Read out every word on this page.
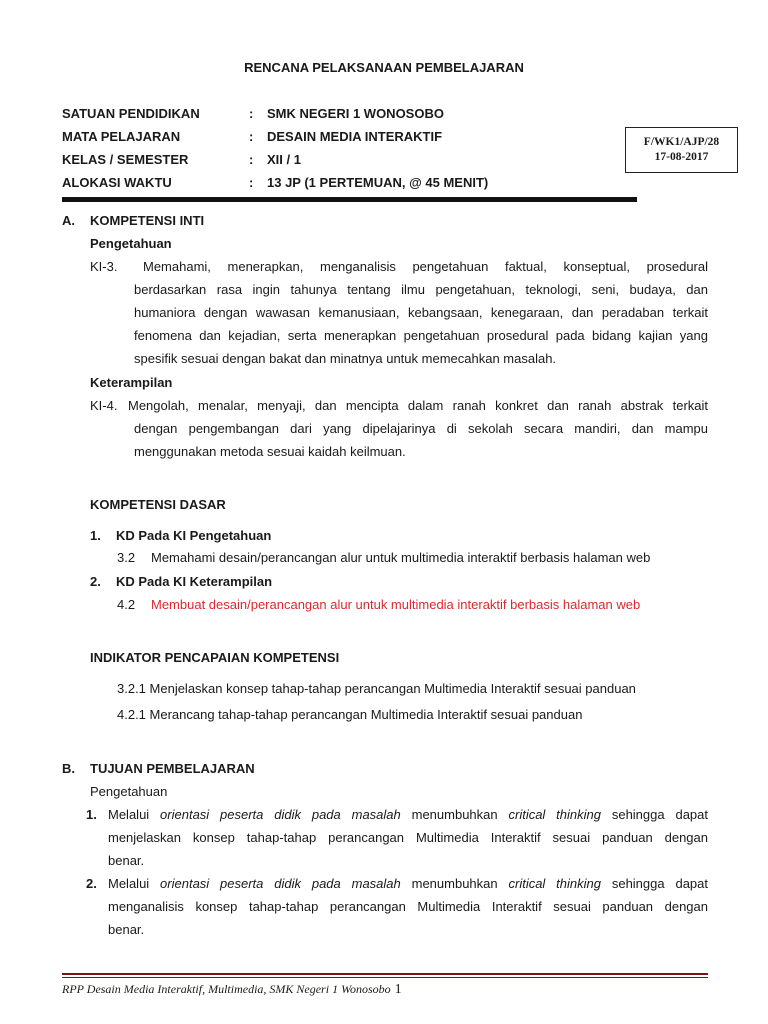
RENCANA PELAKSANAAN PEMBELAJARAN
SATUAN PENDIDIKAN	: SMK NEGERI 1 WONOSOBO
MATA PELAJARAN	: DESAIN MEDIA INTERAKTIF
KELAS / SEMESTER	: XII / 1
ALOKASI WAKTU	: 13 JP (1 PERTEMUAN, @ 45 MENIT)
F/WK1/AJP/28
17-08-2017
A. KOMPETENSI INTI
Pengetahuan
KI-3. Memahami, menerapkan, menganalisis pengetahuan faktual, konseptual, prosedural
berdasarkan rasa ingin tahunya tentang ilmu pengetahuan, teknologi, seni, budaya, dan
humaniora dengan wawasan kemanusiaan, kebangsaan, kenegaraan, dan peradaban terkait
fenomena dan kejadian, serta menerapkan pengetahuan prosedural pada bidang kajian yang
spesifik sesuai dengan bakat dan minatnya untuk memecahkan masalah.
Keterampilan
KI-4. Mengolah, menalar, menyaji, dan mencipta dalam ranah konkret dan ranah abstrak terkait
dengan pengembangan dari yang dipelajarinya di sekolah secara mandiri, dan mampu
menggunakan metoda sesuai kaidah keilmuan.
KOMPETENSI DASAR
1. KD Pada KI Pengetahuan
3.2 Memahami desain/perancangan alur untuk multimedia interaktif berbasis halaman web
2. KD Pada KI Keterampilan
4.2 Membuat desain/perancangan alur untuk multimedia interaktif berbasis halaman web
INDIKATOR PENCAPAIAN KOMPETENSI
3.2.1 Menjelaskan konsep tahap-tahap perancangan Multimedia Interaktif sesuai panduan
4.2.1 Merancang tahap-tahap perancangan Multimedia Interaktif sesuai panduan
B. TUJUAN PEMBELAJARAN
Pengetahuan
1. Melalui orientasi peserta didik pada masalah menumbuhkan critical thinking sehingga dapat
menjelaskan konsep tahap-tahap perancangan Multimedia Interaktif sesuai panduan dengan
benar.
2. Melalui orientasi peserta didik pada masalah menumbuhkan critical thinking sehingga dapat
menganalisis konsep tahap-tahap perancangan Multimedia Interaktif sesuai panduan dengan
benar.
RPP Desain Media Interaktif, Multimedia, SMK Negeri 1 Wonosobo 1
